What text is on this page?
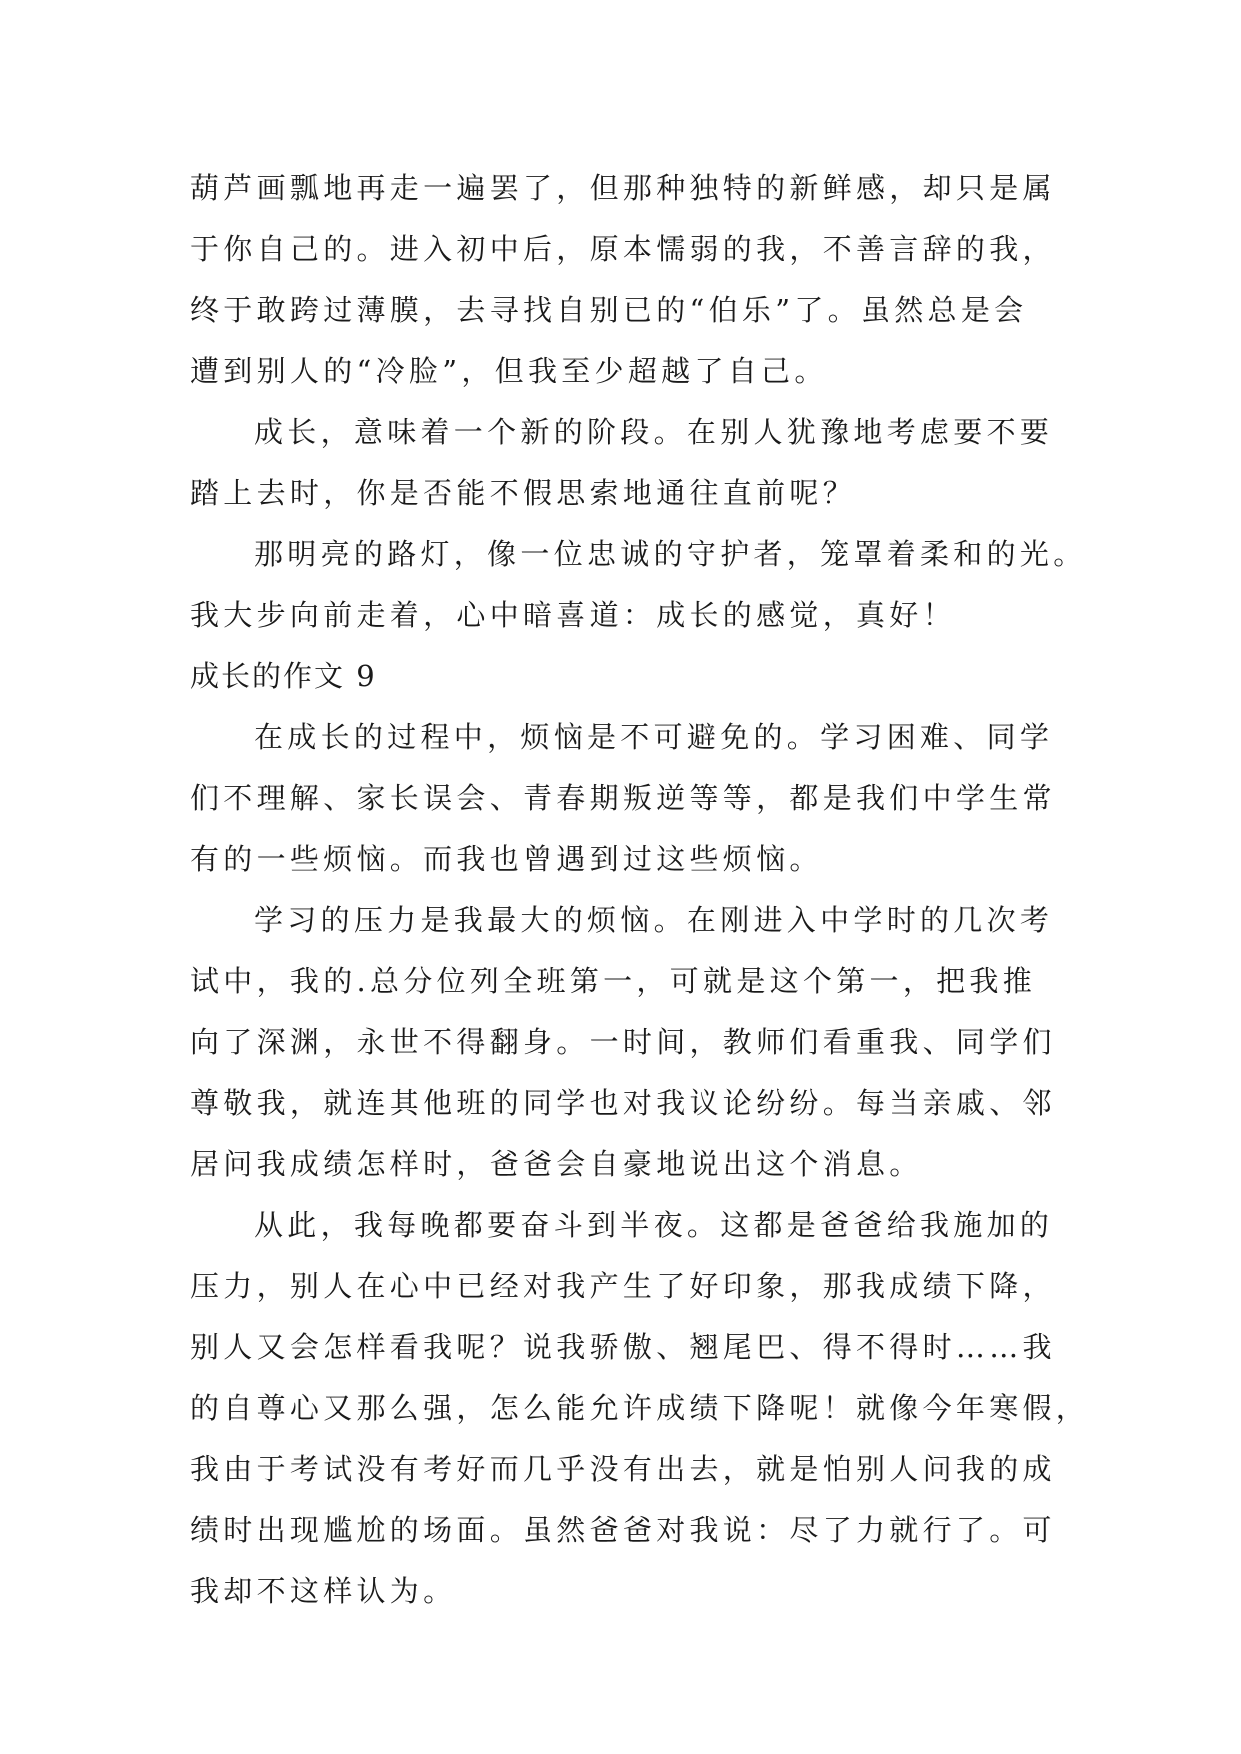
葫芦画瓢地再走一遍罢了，但那种独特的新鲜感，却只是属
于你自己的。进入初中后，原本懦弱的我，不善言辞的我，
终于敢跨过薄膜，去寻找自别已的“伯乐”了。虽然总是会
遭到别人的“冷脸”，但我至少超越了自己。
成长，意味着一个新的阶段。在别人犹豫地考虑要不要
踏上去时，你是否能不假思索地通往直前呢？
那明亮的路灯，像一位忠诚的守护者，笼罩着柔和的光。
我大步向前走着，心中暗喜道：成长的感觉，真好！
成长的作文 9
在成长的过程中，烦恼是不可避免的。学习困难、同学
们不理解、家长误会、青春期叛逆等等，都是我们中学生常
有的一些烦恼。而我也曾遇到过这些烦恼。
学习的压力是我最大的烦恼。在刚进入中学时的几次考
试中，我的.总分位列全班第一，可就是这个第一，把我推
向了深渊，永世不得翻身。一时间，教师们看重我、同学们
尊敬我，就连其他班的同学也对我议论纷纷。每当亲戚、邻
居问我成绩怎样时，爸爸会自豪地说出这个消息。
从此，我每晚都要奋斗到半夜。这都是爸爸给我施加的
压力，别人在心中已经对我产生了好印象，那我成绩下降，
别人又会怎样看我呢？说我骄傲、翘尾巴、得不得时……我
的自尊心又那么强，怎么能允许成绩下降呢！就像今年寒假，
我由于考试没有考好而几乎没有出去，就是怕别人问我的成
绩时出现尴尬的场面。虽然爸爸对我说：尽了力就行了。可
我却不这样认为。
